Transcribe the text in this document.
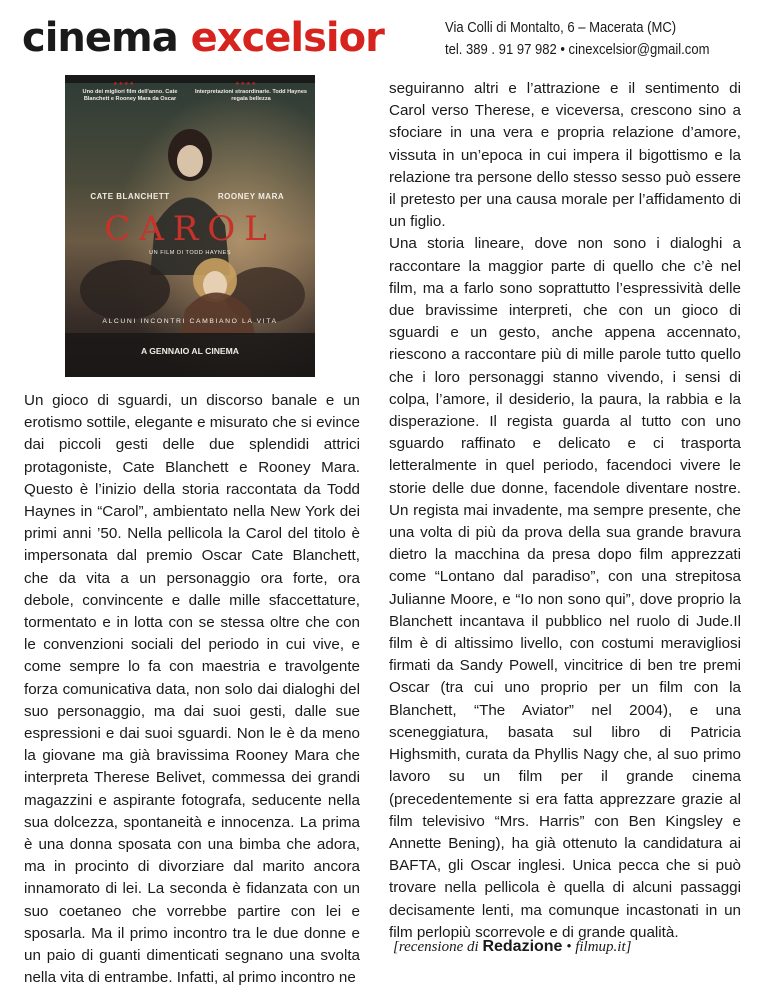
cinema excelsior	Via Colli di Montalto, 6 – Macerata (MC)
tel. 389 . 91 97 982 • cinexcelsior@gmail.com
★★★★	★★★★
Uno dei migliori film dell'anno. Cate Blanchett e Rooney Mara da Oscar
Interpretazioni straordinarie. Todd Haynes regala bellezza
CATE BLANCHETT	ROONEY MARA
CAROL
UN FILM DI TODD HAYNES
ALCUNI INCONTRI CAMBIANO LA VITA
A GENNAIO AL CINEMA

Un gioco di sguardi, un discorso banale e un erotismo sottile, elegante e misurato che si evince dai piccoli gesti delle due splendidi attrici protagoniste, Cate Blanchett e Rooney Mara. Questo è l’inizio della storia raccontata da Todd Haynes in “Carol”, ambientato nella New York dei primi anni ’50. Nella pellicola la Carol del titolo è impersonata dal premio Oscar Cate Blanchett, che da vita a un personaggio ora forte, ora debole, convincente e dalle mille sfaccettature, tormentato e in lotta con se stessa oltre che con le convenzioni sociali del periodo in cui vive, e come sempre lo fa con maestria e travolgente forza comunicativa data, non solo dai dialoghi del suo personaggio, ma dai suoi gesti, dalle sue espressioni e dai suoi sguardi. Non le è da meno la giovane ma già bravissima Rooney Mara che interpreta Therese Belivet, commessa dei grandi magazzini e aspirante fotografa, seducente nella sua dolcezza, spontaneità e innocenza. La prima è una donna sposata con una bimba che adora, ma in procinto di divorziare dal marito ancora innamorato di lei. La seconda è fidanzata con un suo coetaneo che vorrebbe partire con lei e sposarla. Ma il primo incontro tra le due donne e un paio di guanti dimenticati segnano una svolta nella vita di entrambe. Infatti, al primo incontro ne

seguiranno altri e l’attrazione e il sentimento di Carol verso Therese, e viceversa, crescono sino a sfociare in una vera e propria relazione d’amore, vissuta in un’epoca in cui impera il bigottismo e la relazione tra persone dello stesso sesso può essere il pretesto per una causa morale per l’affidamento di un figlio.

Una storia lineare, dove non sono i dialoghi a raccontare la maggior parte di quello che c’è nel film, ma a farlo sono soprattutto l’espressività delle due bravissime interpreti, che con un gioco di sguardi e un gesto, anche appena accennato, riescono a raccontare più di mille parole tutto quello che i loro personaggi stanno vivendo, i sensi di colpa, l’amore, il desiderio, la paura, la rabbia e la disperazione. Il regista guarda al tutto con uno sguardo raffinato e delicato e ci trasporta letteralmente in quel periodo, facendoci vivere le storie delle due donne, facendole diventare nostre. Un regista mai invadente, ma sempre presente, che una volta di più da prova della sua grande bravura dietro la macchina da presa dopo film apprezzati come “Lontano dal paradiso”, con una strepitosa Julianne Moore, e “Io non sono qui”, dove proprio la Blanchett incantava il pubblico nel ruolo di Jude.Il film è di altissimo livello, con costumi meravigliosi firmati da Sandy Powell, vincitrice di ben tre premi Oscar (tra cui uno proprio per un film con la Blanchett, “The Aviator” nel 2004), e una sceneggiatura, basata sul libro di Patricia Highsmith, curata da Phyllis Nagy che, al suo primo lavoro su un film per il grande cinema (precedentemente si era fatta apprezzare grazie al film televisivo “Mrs. Harris” con Ben Kingsley e Annette Bening), ha già ottenuto la candidatura ai BAFTA, gli Oscar inglesi. Unica pecca che si può trovare nella pellicola è quella di alcuni passaggi decisamente lenti, ma comunque incastonati in un film perlopiù scorrevole e di grande qualità.

[recensione di Redazione • filmup.it]
